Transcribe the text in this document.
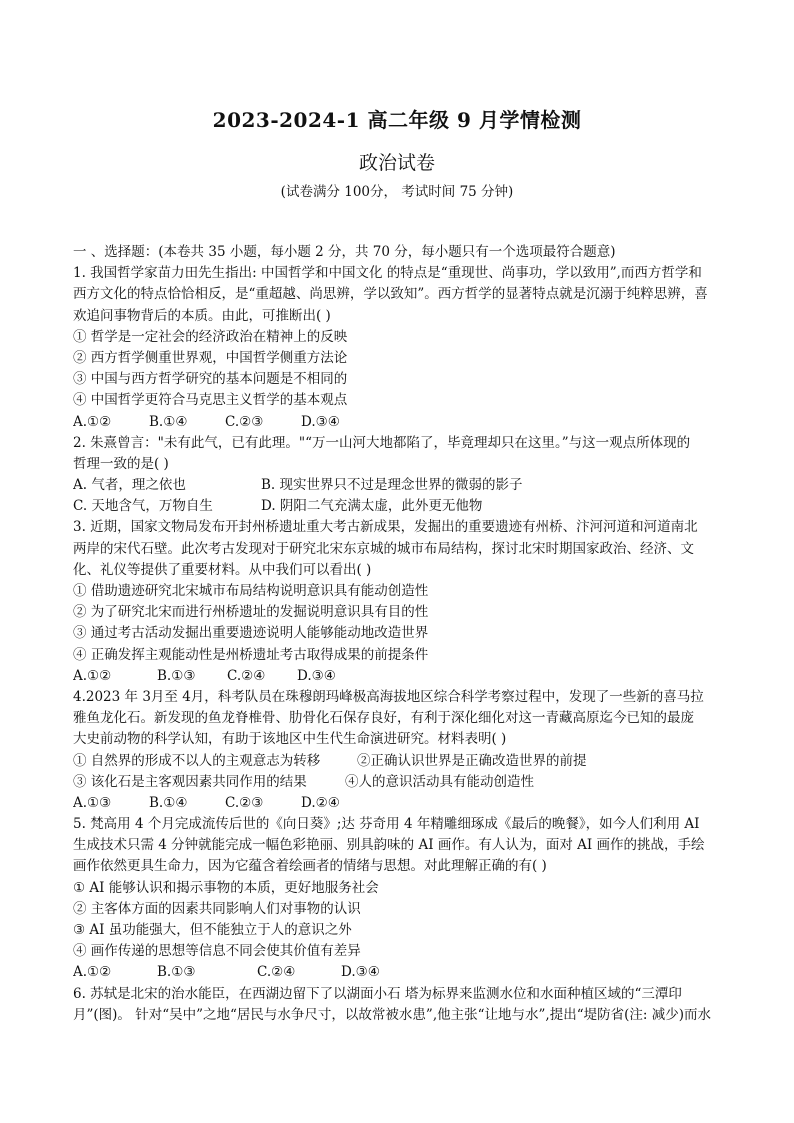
2023-2024-1 高二年级 9 月学情检测
政治试卷
(试卷满分 100分， 考试时间 75 分钟)
一 、选择题：(本卷共 35 小题，每小题 2 分，共 70 分，每小题只有一个选项最符合题意)
1. 我国哲学家苗力田先生指出: 中国哲学和中国文化 的特点是“重现世、尚事功，学以致用”,而西方哲学和
西方文化的特点恰恰相反，是“重超越、尚思辨，学以致知”。西方哲学的显著特点就是沉溺于纯粹思辨，喜
欢追问事物背后的本质。由此，可推断出( )
① 哲学是一定社会的经济政治在精神上的反映
② 西方哲学侧重世界观，中国哲学侧重方法论
③ 中国与西方哲学研究的基本问题是不相同的
④ 中国哲学更符合马克思主义哲学的基本观点
A.①②	B.①④	C.②③	D.③④
2. 朱熹曾言："未有此气，已有此理。"“万一山河大地都陷了，毕竟理却只在这里。”与这一观点所体现的
哲理一致的是( )
A. 气者，理之依也	B. 现实世界只不过是理念世界的微弱的影子
C. 天地含气，万物自生	D. 阴阳二气充满太虚，此外更无他物
3. 近期，国家文物局发布开封州桥遗址重大考古新成果，发掘出的重要遗迹有州桥、汴河河道和河道南北
两岸的宋代石壁。此次考古发现对于研究北宋东京城的城市布局结构，探讨北宋时期国家政治、经济、文
化、礼仪等提供了重要材料。从中我们可以看出( )
① 借助遗迹研究北宋城市布局结构说明意识具有能动创造性
② 为了研究北宋而进行州桥遗址的发掘说明意识具有目的性
③ 通过考古活动发掘出重要遗迹说明人能够能动地改造世界
④ 正确发挥主观能动性是州桥遗址考古取得成果的前提条件
A.①②	B.①③	C.②④	D.③④
4.2023 年 3月至 4月，科考队员在珠穆朗玛峰极高海拔地区综合科学考察过程中，发现了一些新的喜马拉
雅鱼龙化石。新发现的鱼龙脊椎骨、肋骨化石保存良好，有利于深化细化对这一青藏高原迄今已知的最庞
大史前动物的科学认知，有助于该地区中生代生命演进研究。材料表明( )
① 自然界的形成不以人的主观意志为转移	②正确认识世界是正确改造世界的前提
③ 该化石是主客观因素共同作用的结果	④人的意识活动具有能动创造性
A.①③	B.①④	C.②③	D.②④
5. 梵高用 4 个月完成流传后世的《向日葵》;达 芬奇用 4 年精雕细琢成《最后的晚餐》，如今人们利用 AI
生成技术只需 4 分钟就能完成一幅色彩艳丽、别具韵味的 AI 画作。有人认为，面对 AI 画作的挑战，手绘
画作依然更具生命力，因为它蕴含着绘画者的情绪与思想。对此理解正确的有( )
① AI 能够认识和揭示事物的本质，更好地服务社会
② 主客体方面的因素共同影响人们对事物的认识
③ AI 虽功能强大，但不能独立于人的意识之外
④ 画作传递的思想等信息不同会使其价值有差异
A.①②	B.①③	C.②④	D.③④
6. 苏轼是北宋的治水能臣，在西湖边留下了以湖面小石 塔为标界来监测水位和水面种植区域的“三潭印
月”(图)。 针对“吴中”之地“居民与水争尺寸，以故常被水患”,他主张“让地与水”,提出“堤防省(注: 减少)而水
